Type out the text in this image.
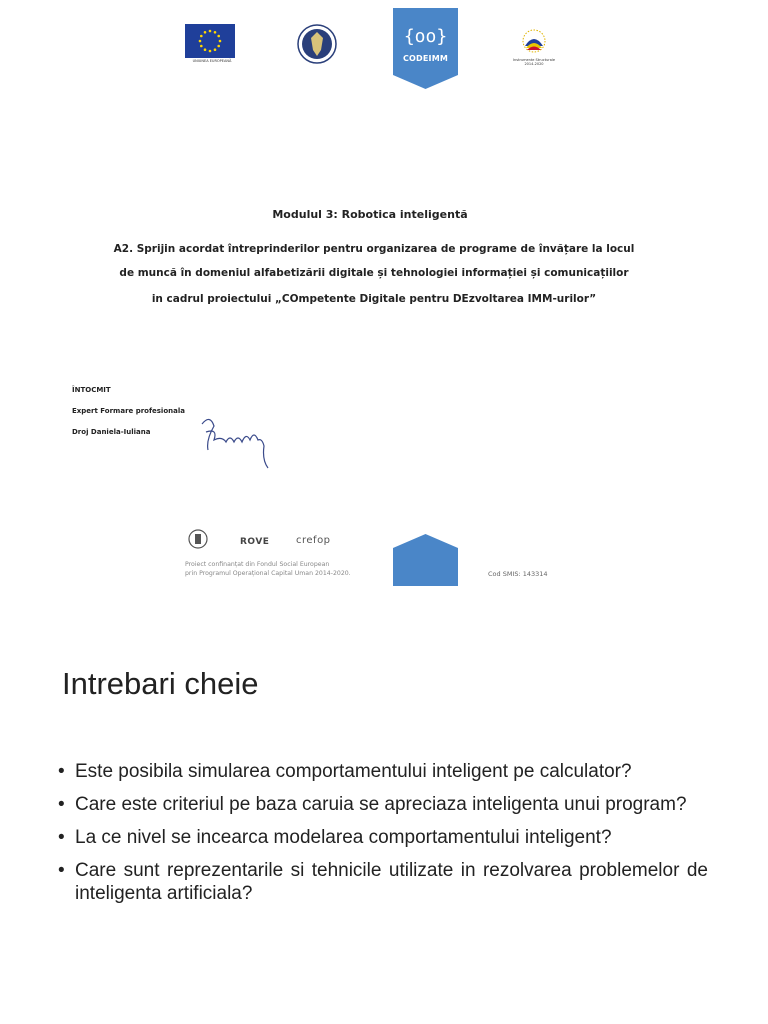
UNIUNEA EUROPEANĂ
{oo}
CODEIMM	Instrumente Structurale
2014-2020
Modulul 3: Robotica inteligentă
A2. Sprijin acordat întreprinderilor pentru organizarea de programe de învățare la locul
de muncă în domeniul alfabetizării digitale și tehnologiei informației și comunicațiilor
in cadrul proiectului „COmpetente Digitale pentru DEzvoltarea IMM-urilor”
ÎNTOCMIT
Expert Formare profesionala
Droj Daniela-Iuliana
ROVE	crefop
Proiect confinanțat din Fondul Social European
prin Programul Operațional Capital Uman 2014-2020.	Cod SMIS: 143314
Intrebari cheie
• Este posibila simularea comportamentului inteligent pe calculator?
• Care este criteriul pe baza caruia se apreciaza inteligenta unui program?
• La ce nivel se incearca modelarea comportamentului inteligent?
• Care sunt reprezentarile si tehnicile utilizate in rezolvarea problemelor de inteligenta artificiala?
